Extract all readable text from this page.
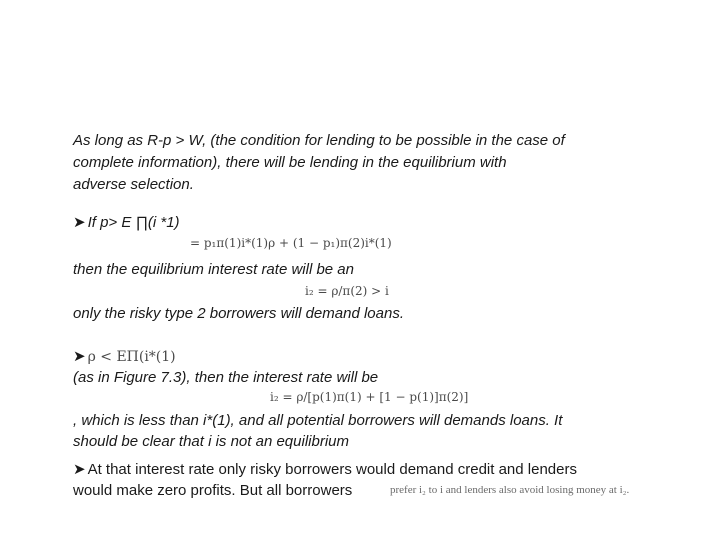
As long as R-p > W, (the condition for lending to be possible in the case of
complete information), there will be lending in the equilibrium with
adverse selection.
➤ If p> E ∏(i *1)
= p₁π(1)i*(1)ρ + (1 − p₁)π(2)i*(1)
then the equilibrium interest rate will be an
i₂ = ρ/π(2) > i
only the risky type 2 borrowers will demand loans.
➤ ρ < EΠ(i*(1)
(as in Figure 7.3), then the interest rate will be
i₂ = ρ/[p(1)π(1) + [1 − p(1)]π(2)]
, which is less than i*(1), and all potential borrowers will demands loans. It
should be clear that i is not an equilibrium
➤ At that interest rate only risky borrowers would demand credit and lenders
would make zero profits. But all borrowers	prefer i₂ to i and lenders also avoid losing money at i₂.
